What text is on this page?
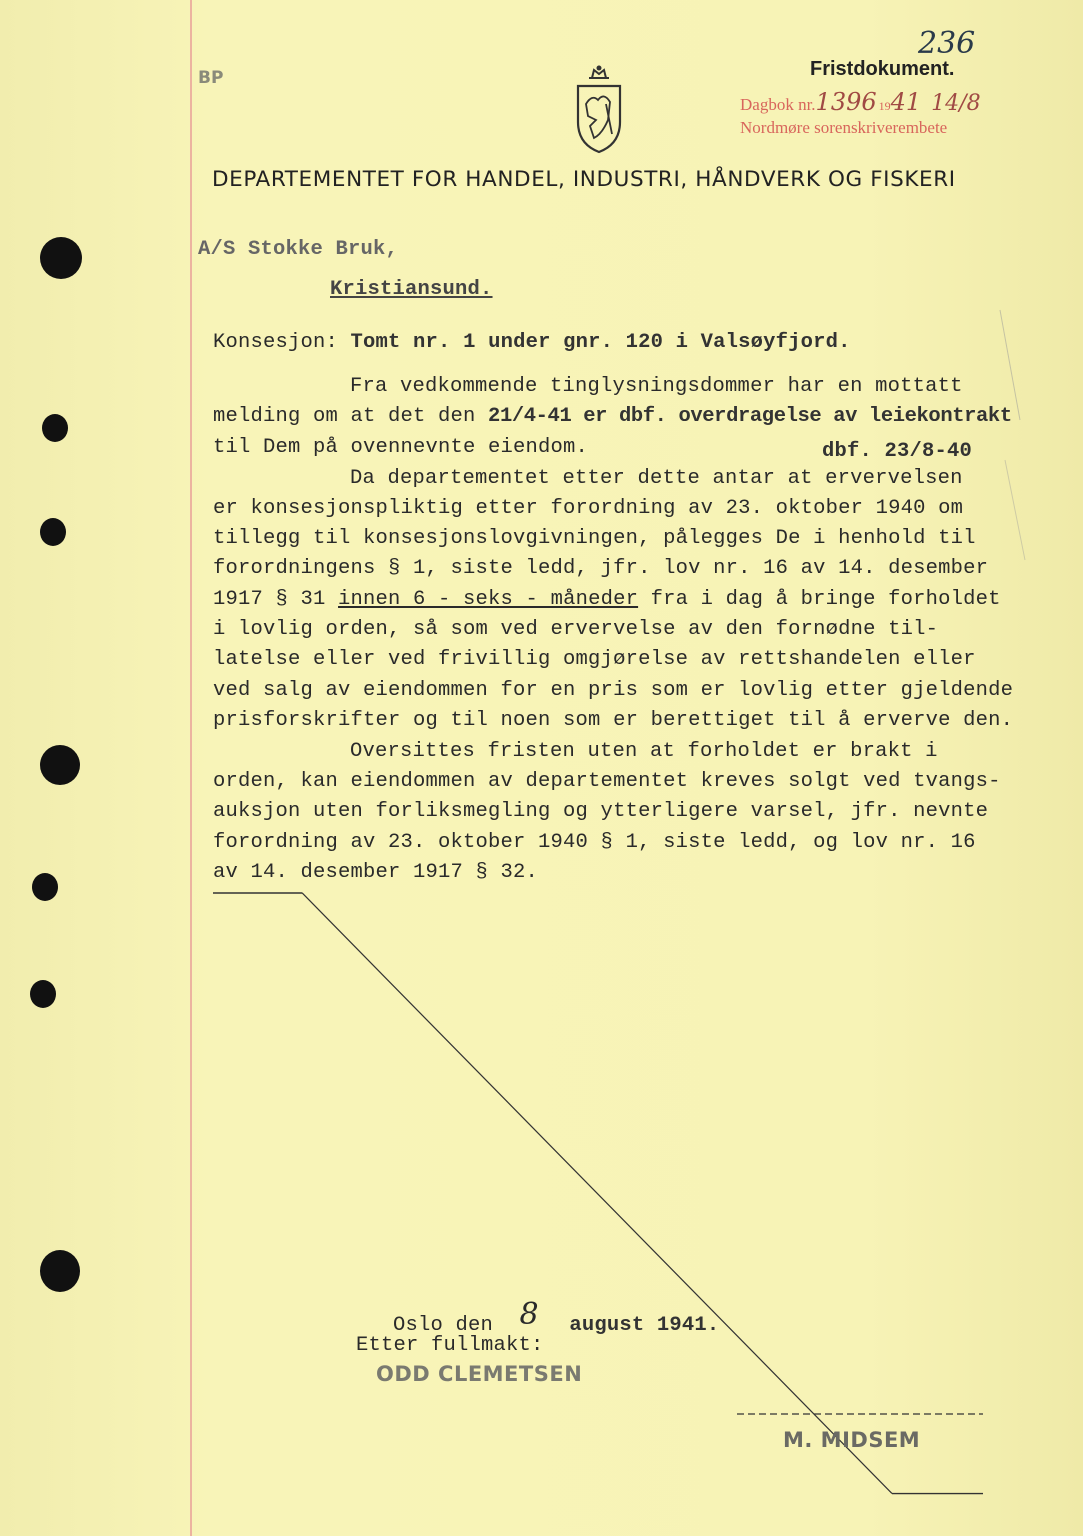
BP
236
Fristdokument.
Dagbok nr.1396 1941 14/8
Nordmøre sorenskriverembete
DEPARTEMENTET FOR HANDEL, INDUSTRI, HÅNDVERK OG FISKERI
A/S Stokke Bruk,
Kristiansund.
Konsesjon: Tomt nr. 1 under gnr. 120 i Valsøyfjord.
Fra vedkommende tinglysningsdommer har en mottatt
melding om at det den 21/4-41 er dbf. overdragelse av leiekontrakt
til Dem på ovennevnte eiendom.	dbf. 23/8-40
Da departementet etter dette antar at ervervelsen
er konsesjonspliktig etter forordning av 23. oktober 1940 om
tillegg til konsesjonslovgivningen, pålegges De i henhold til
forordningens § 1, siste ledd, jfr. lov nr. 16 av 14. desember
1917 § 31 innen 6 - seks - måneder fra i dag å bringe forholdet
i lovlig orden, så som ved ervervelse av den fornødne til-
latelse eller ved frivillig omgjørelse av rettshandelen eller
ved salg av eiendommen for en pris som er lovlig etter gjeldende
prisforskrifter og til noen som er berettiget til å erverve den.
Oversittes fristen uten at forholdet er brakt i
orden, kan eiendommen av departementet kreves solgt ved tvangs-
auksjon uten forliksmegling og ytterligere varsel, jfr. nevnte
forordning av 23. oktober 1940 § 1, siste ledd, og lov nr. 16
av 14. desember 1917 § 32.
Oslo den 8 august 1941.
Etter fullmakt:
ODD CLEMETSEN
M. MIDSEM
